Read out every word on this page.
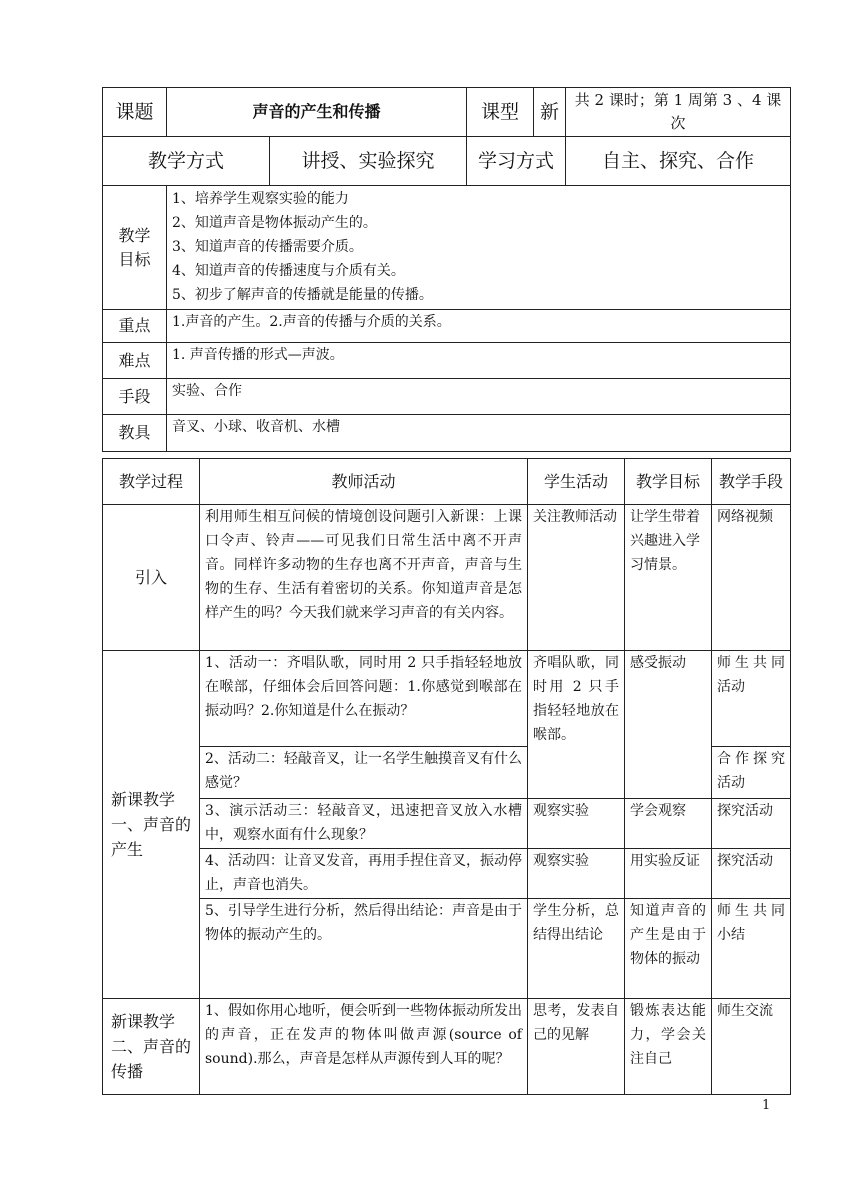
课题	声音的产生和传播		课型	新	共 2 课时；第 1 周第 3 、4 课次
教学方式		讲授、实验探究	学习方式		自主、探究、合作
教学目标	1、培养学生观察实验的能力
2、知道声音是物体振动产生的。
3、知道声音的传播需要介质。
4、知道声音的传播速度与介质有关。
5、初步了解声音的传播就是能量的传播。				

重点	1.声音的产生。2.声音的传播与介质的关系。				
难点	1. 声音传播的形式—声波。				
手段	实验、合作				
教具	音叉、小球、收音机、水槽				
教学过程	教师活动	学生活动	教学目标	教学手段
引入	利用师生相互问候的情境创设问题引入新课：上课口令声、铃声——可见我们日常生活中离不开声音。同样许多动物的生存也离不开声音，声音与生物的生存、生活有着密切的关系。你知道声音是怎样产生的吗？今天我们就来学习声音的有关内容。	关注教师活动	让学生带着兴趣进入学习情景。	网络视频
新课教学一、声音的产生	1、活动一：齐唱队歌，同时用 2 只手指轻轻地放在喉部，仔细体会后回答问题：1.你感觉到喉部在振动吗？2.你知道是什么在振动？	齐唱队歌，同时用 2 只手指轻轻地放在喉部。	感受振动	师生共同活动
	2、活动二：轻敲音叉，让一名学生触摸音叉有什么感觉？			合作探究活动
	3、演示活动三：轻敲音叉，迅速把音叉放入水槽中，观察水面有什么现象？	观察实验	学会观察	探究活动
	4、活动四：让音叉发音，再用手捏住音叉，振动停止，声音也消失。	观察实验	用实验反证	探究活动
	5、引导学生进行分析，然后得出结论：声音是由于物体的振动产生的。	学生分析，总结得出结论	知道声音的产生是由于物体的振动	师生共同小结
新课教学二、声音的传播	1、假如你用心地听，便会听到一些物体振动所发出的声音，正在发声的物体叫做声源(source of sound).那么，声音是怎样从声源传到人耳的呢？	思考，发表自己的见解	锻炼表达能力，学会关注自己	师生交流
1
